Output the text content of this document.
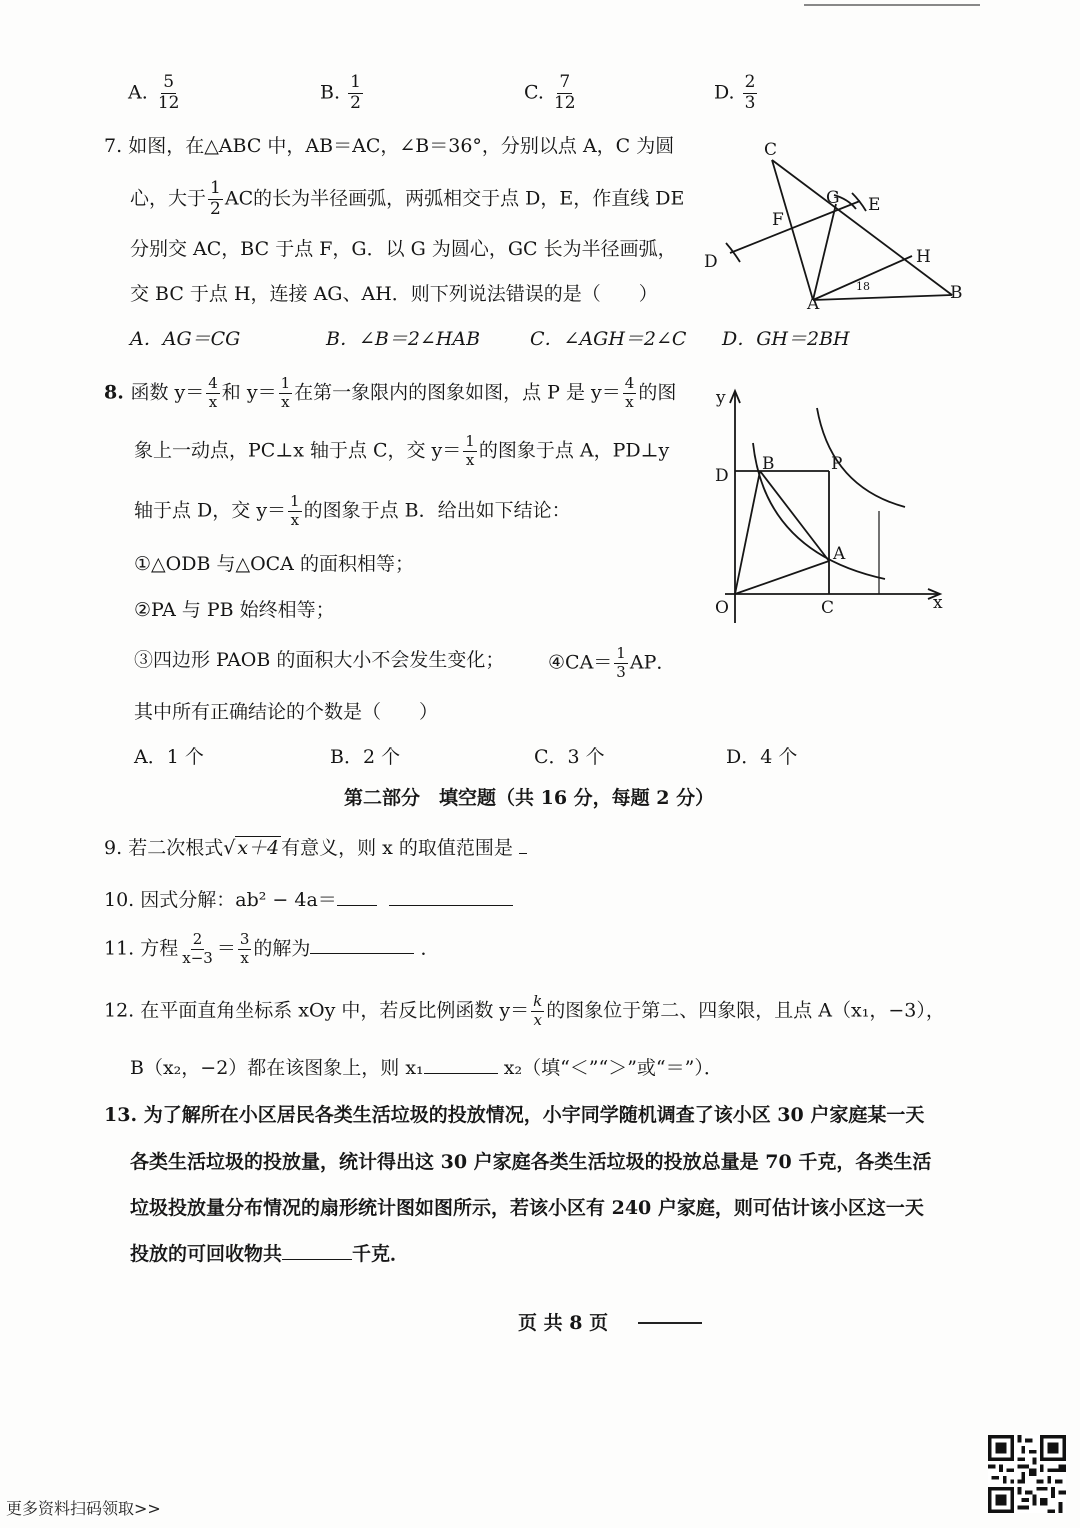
A. $\frac{5}{12}$	B. $\frac{1}{2}$	C. $\frac{7}{12}$	D. $\frac{2}{3}$
7. 如图，在△ABC 中，AB＝AC，∠B＝36°，分别以点 A，C 为圆
心，大于 $\frac{1}{2}$ AC的长为半径画弧，两弧相交于点 D，E，作直线 DE
分别交 AC，BC 于点 F，G．以 G 为圆心，GC 长为半径画弧，
交 BC 于点 H，连接 AG、AH．则下列说法错误的是（　　）
A．AG＝CG	B．∠B＝2∠HAB	C．∠AGH＝2∠C D．GH＝2BH
C
G E
F
D	H
A
B
18
8. 函数 $y= \frac{4}{x}$ 和 $y= \frac{1}{x}$ 在第一象限内的图象如图，点 P 是 $y= \frac{4}{x}$ 的图
象上一动点，PC⊥x 轴于点 C，交 $y= \frac{1}{x}$ 的图象于点 A，PD⊥y
轴于点 D，交 $y= \frac{1}{x}$ 的图象于点 B．给出如下结论：
①△ODB 与△OCA 的面积相等；
②PA 与 PB 始终相等；
③四边形 PAOB 的面积大小不会发生变化； ④CA＝ $\frac{1}{3}$ AP．
其中所有正确结论的个数是（　　）
A．1 个	B．2 个	C．3 个	D．4 个
y
x
D
B	P
A
O	C
第二部分　填空题（共 16 分，每题 2 分）
9. 若二次根式√ x＋4 有意义，则 x 的取值范围是
10. 因式分解：ab² − 4a＝
11. 方程 $\frac{2}{x-3} = \frac{3}{x}$ 的解为	．
12. 在平面直角坐标系 xOy 中，若反比例函数 $y= \frac{k}{x}$ 的图象位于第二、四象限，且点 A（x₁，−3），
B（x₂，−2）都在该图象上，则 x₁	x₂（填“＜”“＞”或“＝”）．
13. 为了解所在小区居民各类生活垃圾的投放情况，小宇同学随机调查了该小区 30 户家庭某一天
各类生活垃圾的投放量，统计得出这 30 户家庭各类生活垃圾的投放总量是 70 千克，各类生活
垃圾投放量分布情况的扇形统计图如图所示，若该小区有 240 户家庭，则可估计该小区这一天
投放的可回收物共	千克．
页 共 8 页
更多资料扫码领取>>
